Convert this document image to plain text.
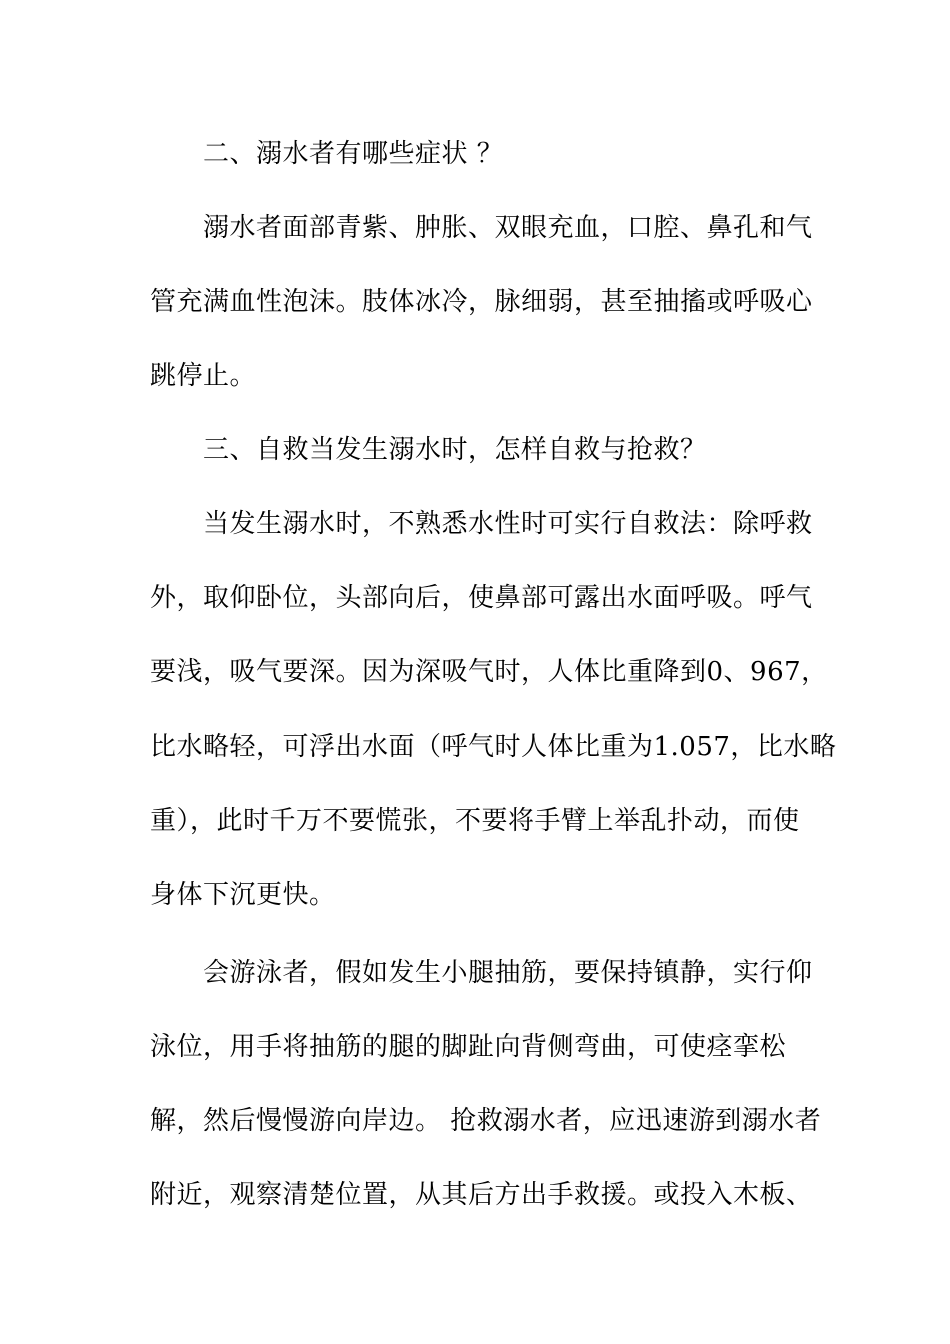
二、溺水者有哪些症状 ？
溺水者面部青紫、肿胀、双眼充血，口腔、鼻孔和气
管充满血性泡沫。肢体冰冷，脉细弱，甚至抽搐或呼吸心
跳停止。
三、自救当发生溺水时，怎样自救与抢救？
当发生溺水时，不熟悉水性时可实行自救法：除呼救
外，取仰卧位，头部向后，使鼻部可露出水面呼吸。呼气
要浅，吸气要深。因为深吸气时，人体比重降到0、967，
比水略轻，可浮出水面（呼气时人体比重为1.057，比水略
重），此时千万不要慌张，不要将手臂上举乱扑动，而使
身体下沉更快。
会游泳者，假如发生小腿抽筋，要保持镇静，实行仰
泳位，用手将抽筋的腿的脚趾向背侧弯曲，可使痉挛松
解，然后慢慢游向岸边。 抢救溺水者，应迅速游到溺水者
附近，观察清楚位置，从其后方出手救援。或投入木板、
